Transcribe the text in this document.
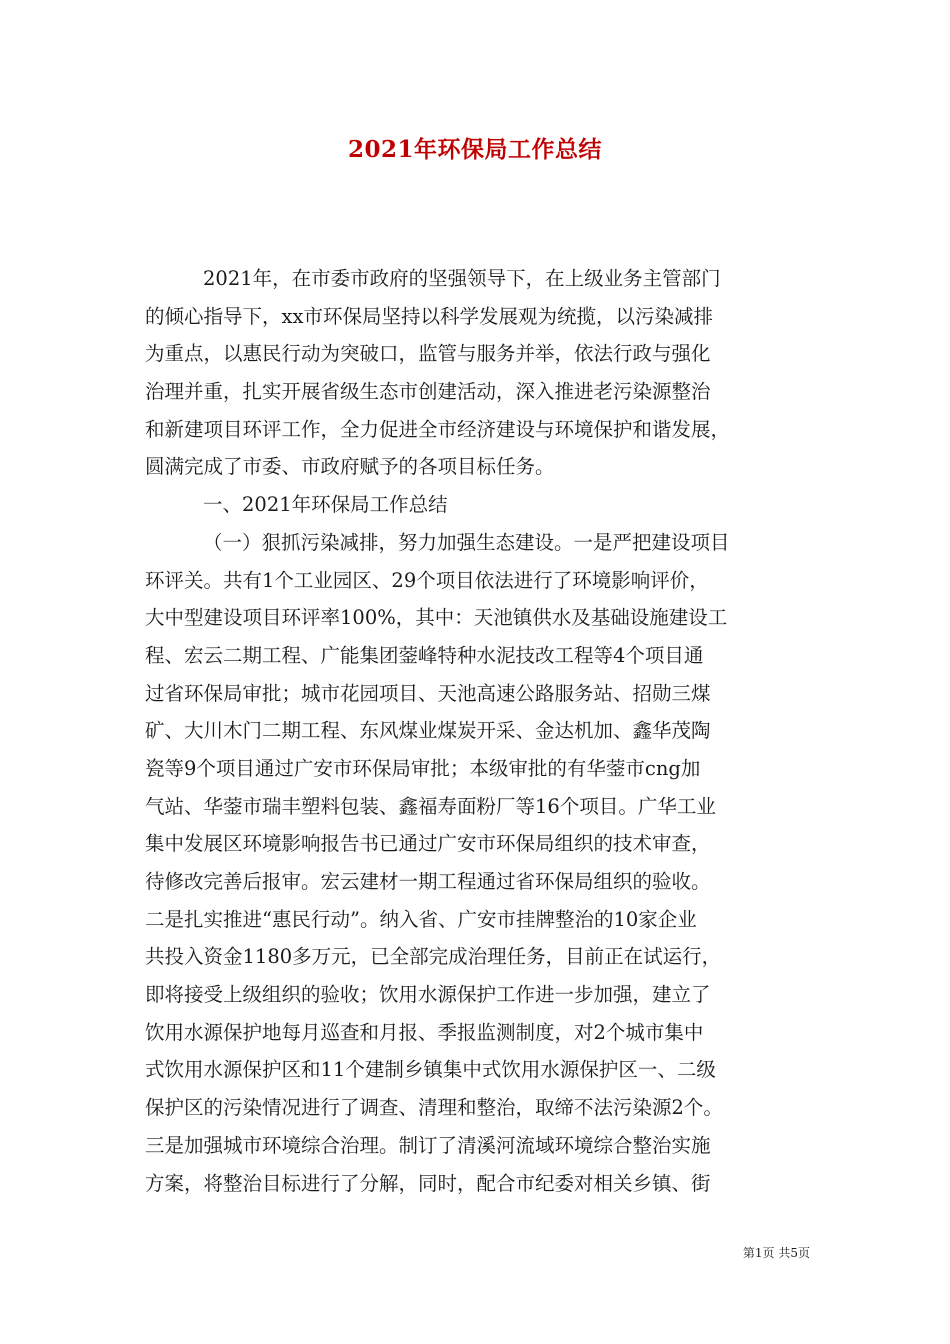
2021年环保局工作总结
2021年，在市委市政府的坚强领导下，在上级业务主管部门
的倾心指导下，xx市环保局坚持以科学发展观为统揽，以污染减排
为重点，以惠民行动为突破口，监管与服务并举，依法行政与强化
治理并重，扎实开展省级生态市创建活动，深入推进老污染源整治
和新建项目环评工作，全力促进全市经济建设与环境保护和谐发展，
圆满完成了市委、市政府赋予的各项目标任务。
一、2021年环保局工作总结
（一）狠抓污染减排，努力加强生态建设。一是严把建设项目
环评关。共有1个工业园区、29个项目依法进行了环境影响评价，
大中型建设项目环评率100%，其中：天池镇供水及基础设施建设工
程、宏云二期工程、广能集团蓥峰特种水泥技改工程等4个项目通
过省环保局审批；城市花园项目、天池高速公路服务站、招勋三煤
矿、大川木门二期工程、东风煤业煤炭开采、金达机加、鑫华茂陶
瓷等9个项目通过广安市环保局审批；本级审批的有华蓥市cng加
气站、华蓥市瑞丰塑料包装、鑫福寿面粉厂等16个项目。广华工业
集中发展区环境影响报告书已通过广安市环保局组织的技术审查，
待修改完善后报审。宏云建材一期工程通过省环保局组织的验收。
二是扎实推进“惠民行动”。纳入省、广安市挂牌整治的10家企业
共投入资金1180多万元，已全部完成治理任务，目前正在试运行，
即将接受上级组织的验收；饮用水源保护工作进一步加强，建立了
饮用水源保护地每月巡查和月报、季报监测制度，对2个城市集中
式饮用水源保护区和11个建制乡镇集中式饮用水源保护区一、二级
保护区的污染情况进行了调查、清理和整治，取缔不法污染源2个。
三是加强城市环境综合治理。制订了清溪河流域环境综合整治实施
方案，将整治目标进行了分解，同时，配合市纪委对相关乡镇、街
第1页 共5页
